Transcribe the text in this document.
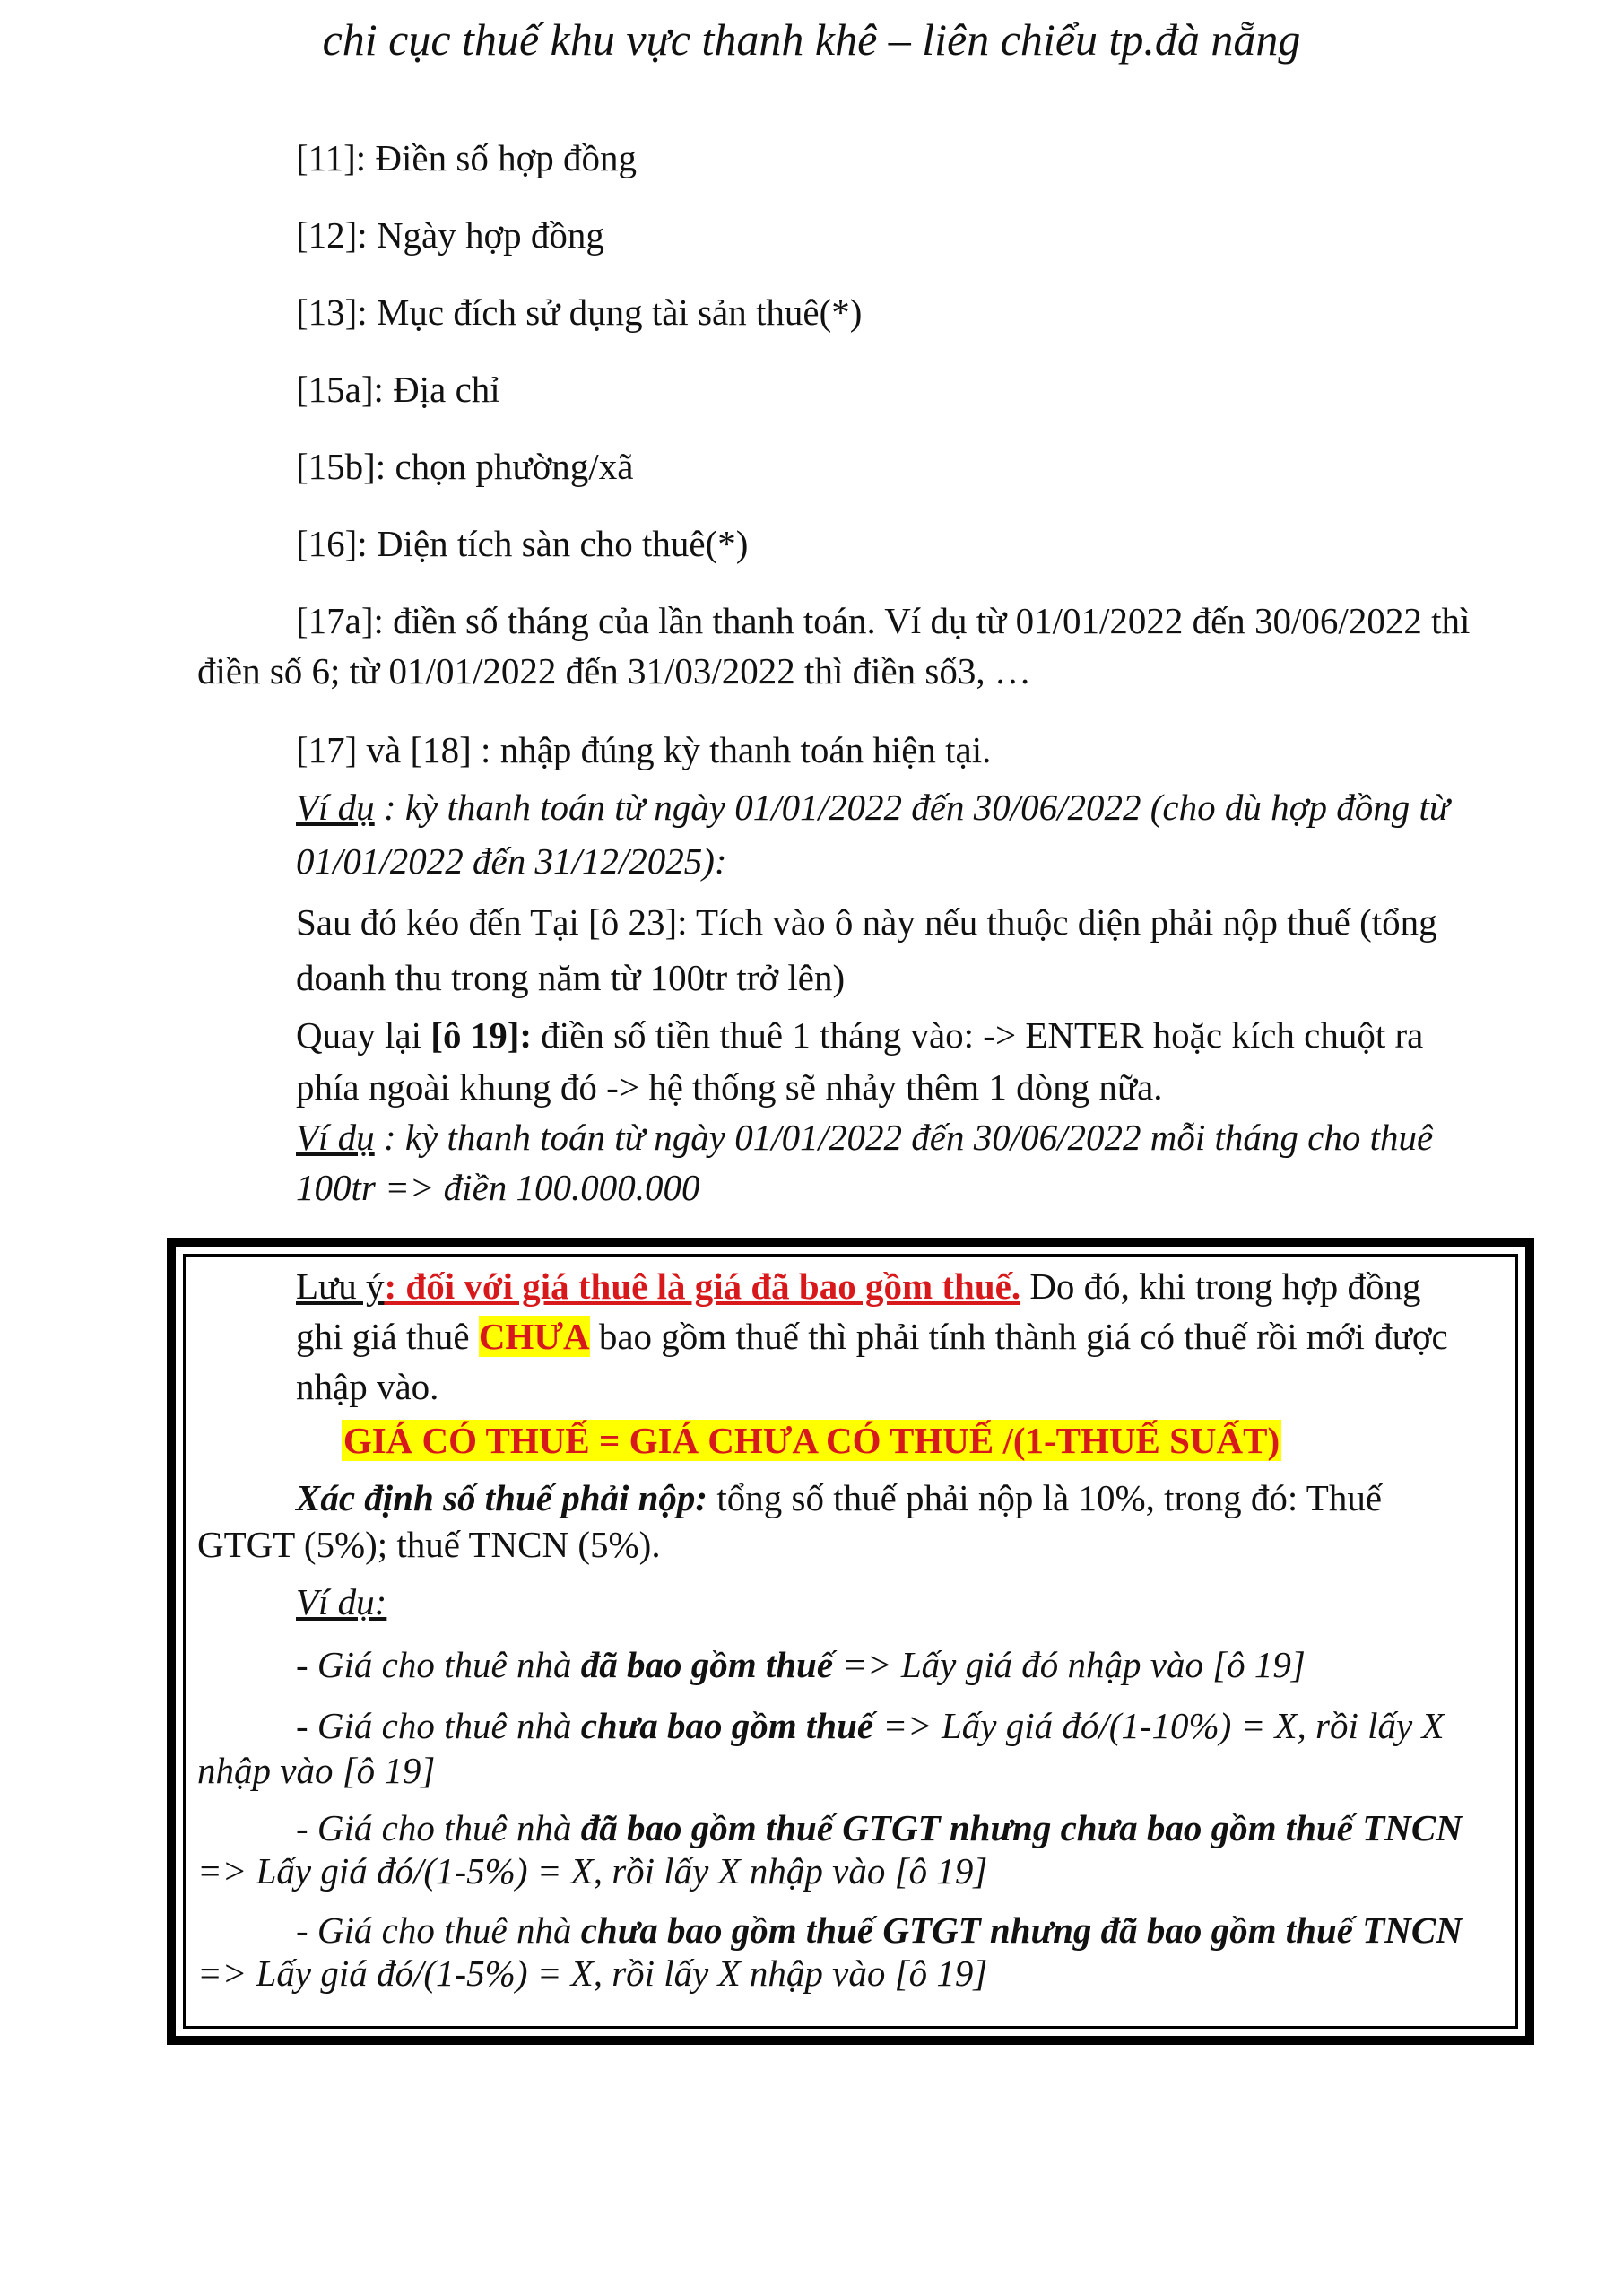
chi cục thuế khu vực thanh khê – liên chiểu tp.đà nẵng
[11]: Điền số hợp đồng
[12]: Ngày hợp đồng
[13]: Mục đích sử dụng tài sản thuê(*)
[15a]: Địa chỉ
[15b]: chọn phường/xã
[16]: Diện tích sàn cho thuê(*)
[17a]: điền số tháng của lần thanh toán. Ví dụ từ 01/01/2022 đến 30/06/2022 thì
điền số 6; từ 01/01/2022 đến 31/03/2022 thì điền số3, …
[17] và [18] : nhập đúng kỳ thanh toán hiện tại.
Ví dụ : kỳ thanh toán từ ngày 01/01/2022 đến 30/06/2022 (cho dù hợp đồng từ
01/01/2022 đến 31/12/2025):
Sau đó kéo đến Tại [ô 23]: Tích vào ô này nếu thuộc diện phải nộp thuế (tổng
doanh thu trong năm từ 100tr trở lên)
Quay lại [ô 19]: điền số tiền thuê 1 tháng vào: -> ENTER hoặc kích chuột ra
phía ngoài khung đó -> hệ thống sẽ nhảy thêm 1 dòng nữa.
Ví dụ : kỳ thanh toán từ ngày 01/01/2022 đến 30/06/2022 mỗi tháng cho thuê
100tr => điền 100.000.000
Lưu ý: đối với giá thuê là giá đã bao gồm thuế. Do đó, khi trong hợp đồng
ghi giá thuê CHƯA bao gồm thuế thì phải tính thành giá có thuế rồi mới được
nhập vào.
GIÁ CÓ THUẾ = GIÁ CHƯA CÓ THUẾ /(1-THUẾ SUẤT)
Xác định số thuế phải nộp: tổng số thuế phải nộp là 10%, trong đó: Thuế
GTGT (5%); thuế TNCN (5%).
Ví dụ:
- Giá cho thuê nhà đã bao gồm thuế => Lấy giá đó nhập vào [ô 19]
- Giá cho thuê nhà chưa bao gồm thuế => Lấy giá đó/(1-10%) = X, rồi lấy X
nhập vào [ô 19]
- Giá cho thuê nhà đã bao gồm thuế GTGT nhưng chưa bao gồm thuế TNCN
=> Lấy giá đó/(1-5%) = X, rồi lấy X nhập vào [ô 19]
- Giá cho thuê nhà chưa bao gồm thuế GTGT nhưng đã bao gồm thuế TNCN
=> Lấy giá đó/(1-5%) = X, rồi lấy X nhập vào [ô 19]
